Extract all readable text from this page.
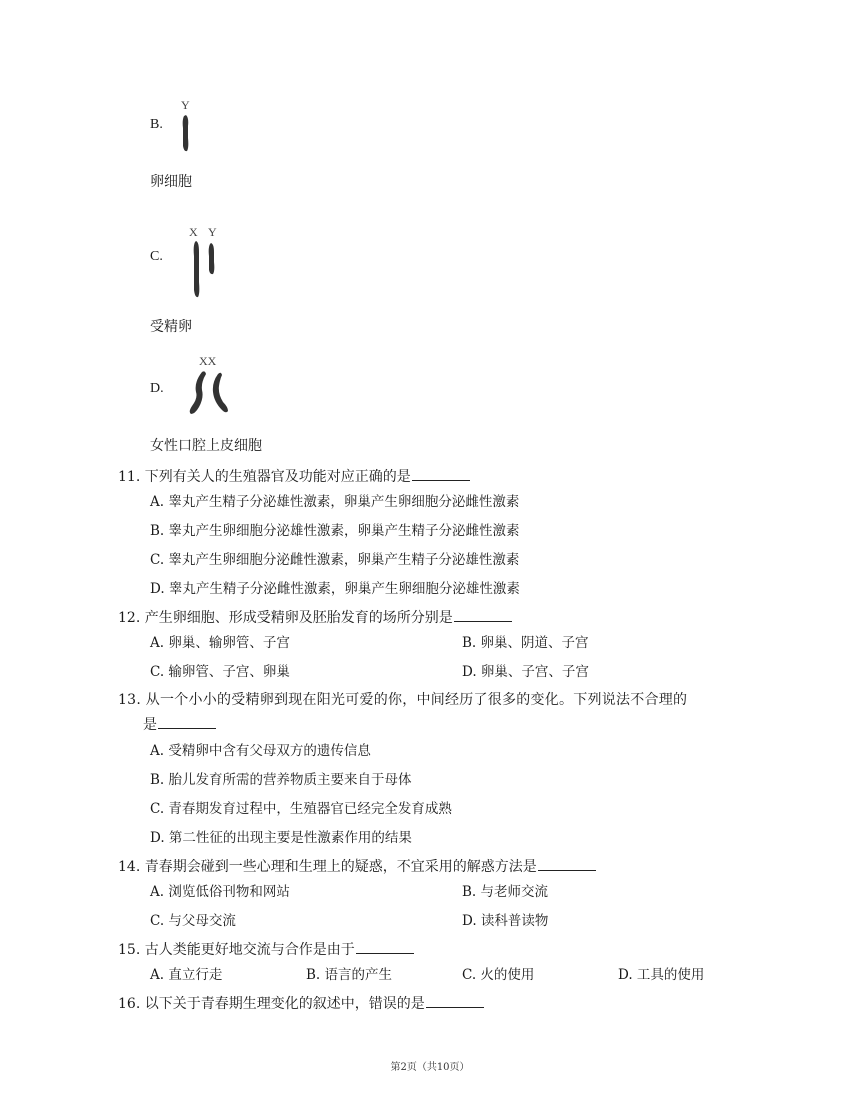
B.
Y
卵细胞
C.
X Y
受精卵
D.
XX
女性口腔上皮细胞
11. 下列有关人的生殖器官及功能对应正确的是
A. 睾丸产生精子分泌雄性激素，卵巢产生卵细胞分泌雌性激素
B. 睾丸产生卵细胞分泌雄性激素，卵巢产生精子分泌雌性激素
C. 睾丸产生卵细胞分泌雌性激素，卵巢产生精子分泌雄性激素
D. 睾丸产生精子分泌雌性激素，卵巢产生卵细胞分泌雄性激素
12. 产生卵细胞、形成受精卵及胚胎发育的场所分别是
A. 卵巢、输卵管、子宫	B. 卵巢、阴道、子宫
C. 输卵管、子宫、卵巢	D. 卵巢、子宫、子宫
13. 从一个小小的受精卵到现在阳光可爱的你，中间经历了很多的变化。下列说法不合理的
是
A. 受精卵中含有父母双方的遗传信息
B. 胎儿发育所需的营养物质主要来自于母体
C. 青春期发育过程中，生殖器官已经完全发育成熟
D. 第二性征的出现主要是性激素作用的结果
14. 青春期会碰到一些心理和生理上的疑惑，不宜采用的解惑方法是
A. 浏览低俗刊物和网站	B. 与老师交流
C. 与父母交流	D. 读科普读物
15. 古人类能更好地交流与合作是由于
A. 直立行走	B. 语言的产生	C. 火的使用	D. 工具的使用
16. 以下关于青春期生理变化的叙述中，错误的是
第2页（共10页）
